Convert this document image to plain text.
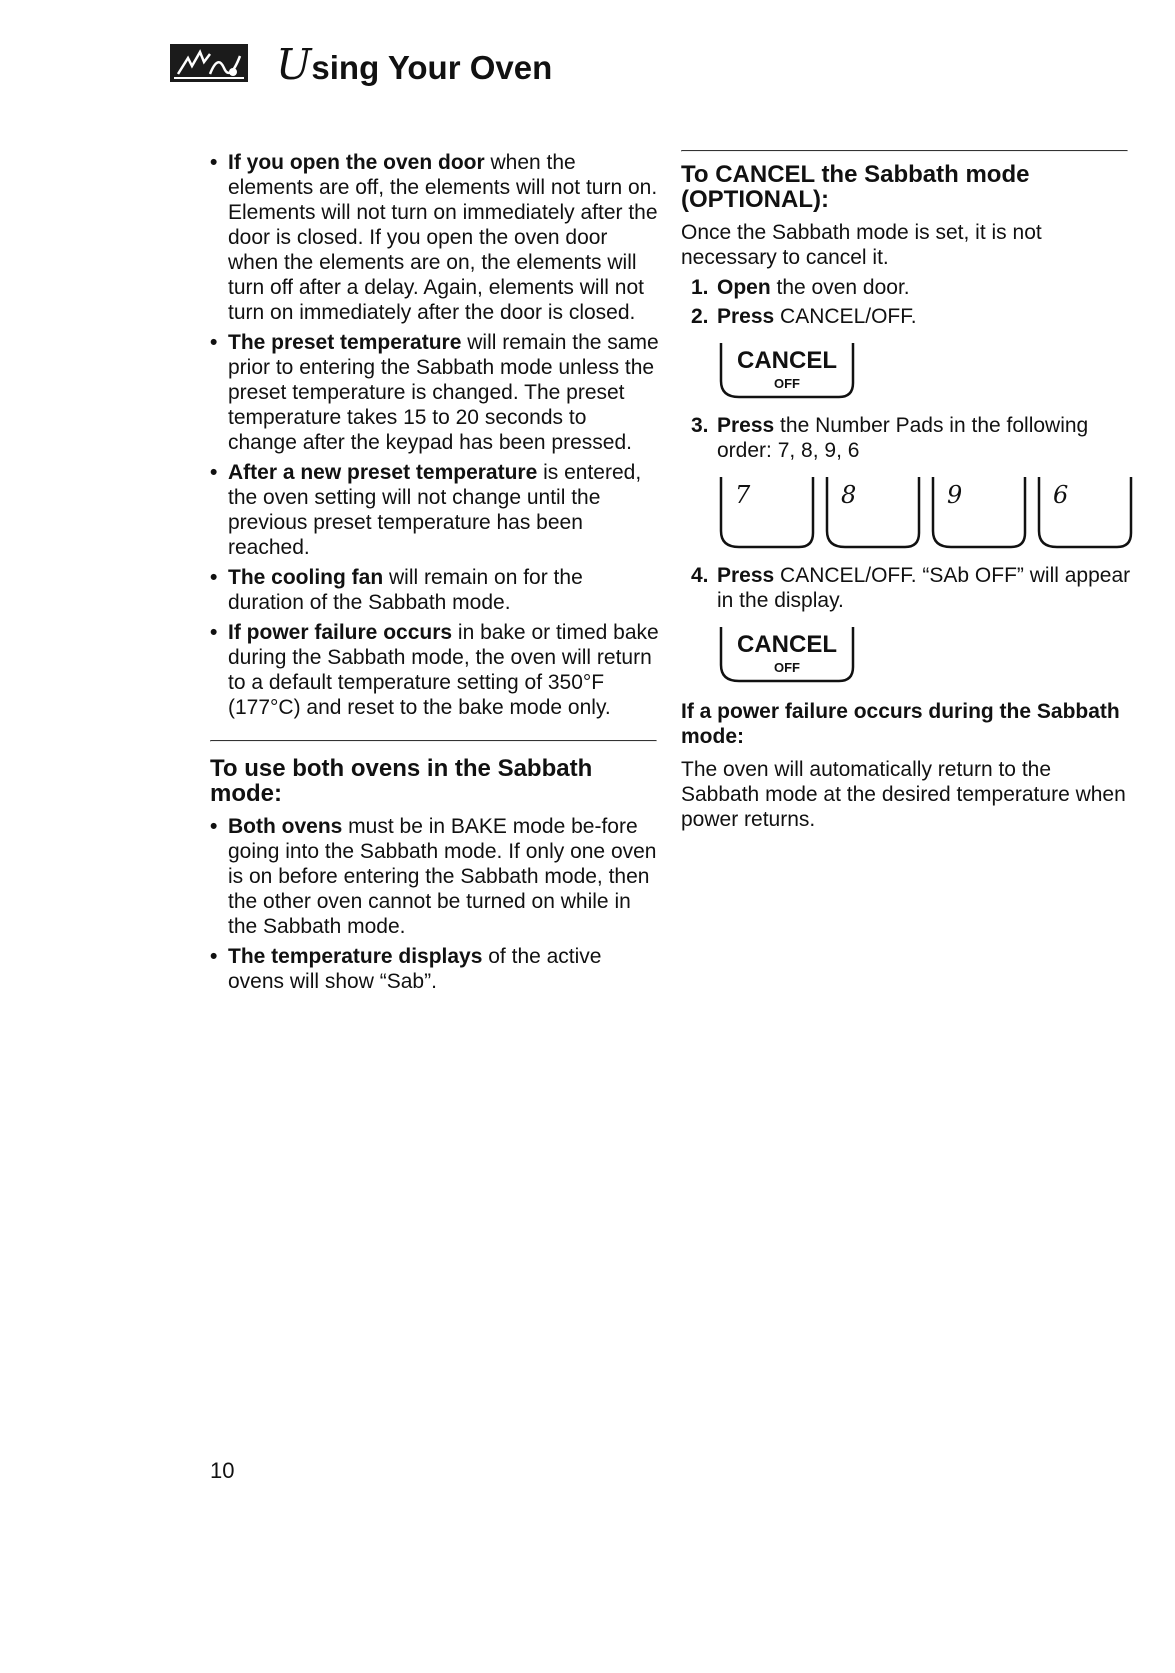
Using Your Oven
• If you open the oven door when the elements are off, the elements will not turn on. Elements will not turn on immediately after the door is closed. If you open the oven door when the elements are on, the elements will turn off after a delay. Again, elements will not turn on immediately after the door is closed.
• The preset temperature will remain the same prior to entering the Sabbath mode unless the preset temperature is changed. The preset temperature takes 15 to 20 seconds to change after the keypad has been pressed.
• After a new preset temperature is entered, the oven setting will not change until the previous preset temperature has been reached.
• The cooling fan will remain on for the duration of the Sabbath mode.
• If power failure occurs in bake or timed bake during the Sabbath mode, the oven will return to a default temperature setting of 350°F (177°C) and reset to the bake mode only.
To use both ovens in the Sabbath mode:
• Both ovens must be in BAKE mode be-fore going into the Sabbath mode. If only one oven is on before entering the Sabbath mode, then the other oven cannot be turned on while in the Sabbath mode.
• The temperature displays of the active ovens will show “Sab”.
To CANCEL the Sabbath mode (OPTIONAL):

Once the Sabbath mode is set, it is not necessary to cancel it.

1. Open the oven door.
2. Press CANCEL/OFF.
CANCEL
OFF
3. Press the Number Pads in the following order: 7, 8, 9, 6
7	8	9	6
4. Press CANCEL/OFF. “SAb OFF” will appear in the display.
CANCEL
OFF
If a power failure occurs during the Sabbath mode:

The oven will automatically return to the Sabbath mode at the desired temperature when power returns.

10
